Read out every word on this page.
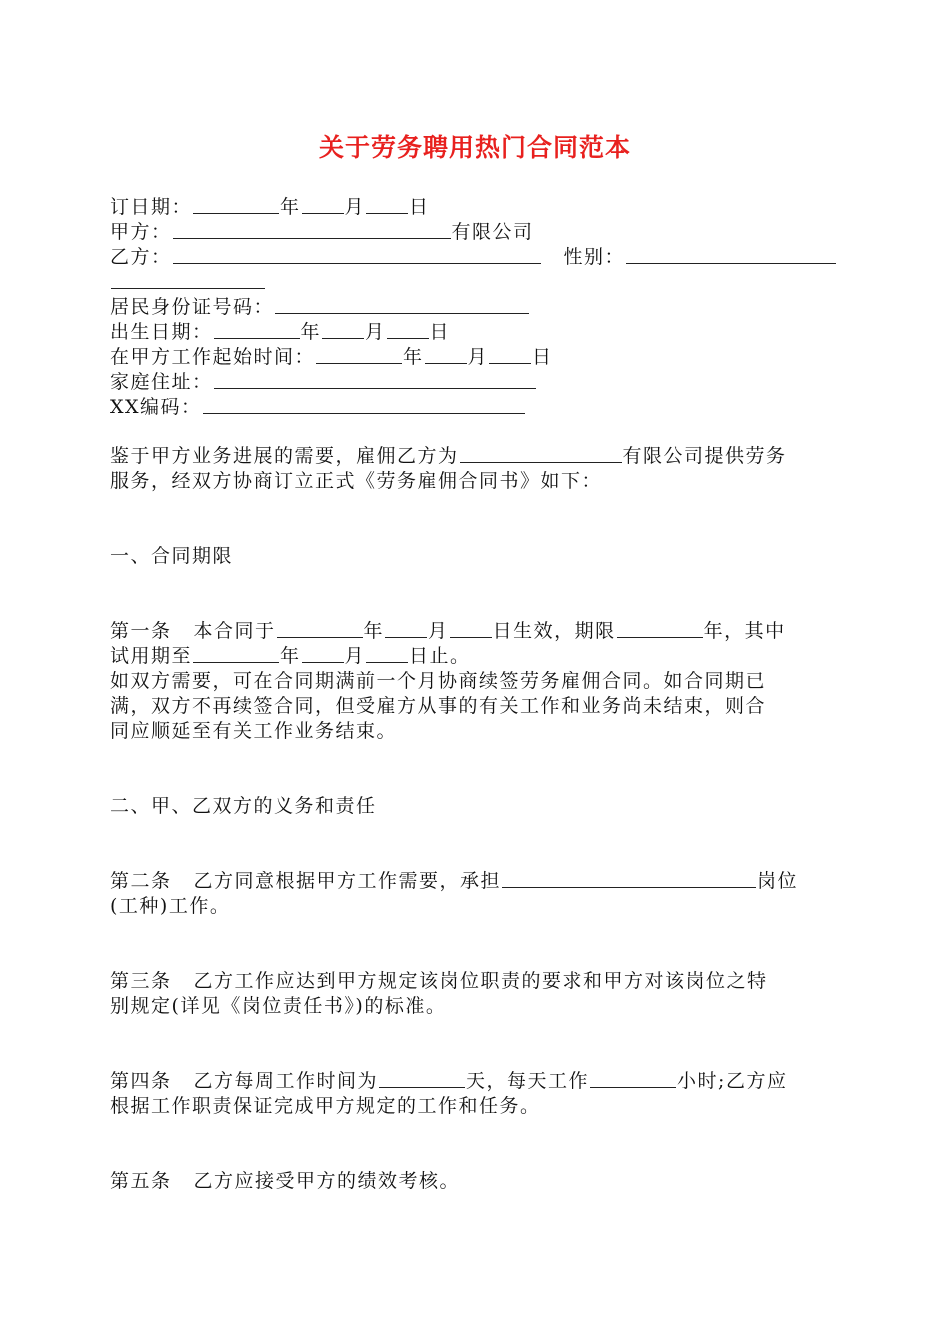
关于劳务聘用热门合同范本
订日期：	年 月 日
甲方：	有限公司
乙方：	性别：
居民身份证号码：
出生日期：	年 月 日
在甲方工作起始时间：	年 月 日
家庭住址：
XX编码：
鉴于甲方业务进展的需要，雇佣乙方为	有限公司提供劳务
服务，经双方协商订立正式《劳务雇佣合同书》如下：
一、合同期限
第一条 本合同于	年 月 日生效，期限	年，其中
试用期至	年 月 日止。
如双方需要，可在合同期满前一个月协商续签劳务雇佣合同。如合同期已
满，双方不再续签合同，但受雇方从事的有关工作和业务尚未结束，则合
同应顺延至有关工作业务结束。
二、甲、乙双方的义务和责任
第二条 乙方同意根据甲方工作需要，承担	岗位
(工种)工作。
第三条 乙方工作应达到甲方规定该岗位职责的要求和甲方对该岗位之特
别规定(详见《岗位责任书》)的标准。
第四条 乙方每周工作时间为	天，每天工作	小时;乙方应
根据工作职责保证完成甲方规定的工作和任务。
第五条 乙方应接受甲方的绩效考核。
